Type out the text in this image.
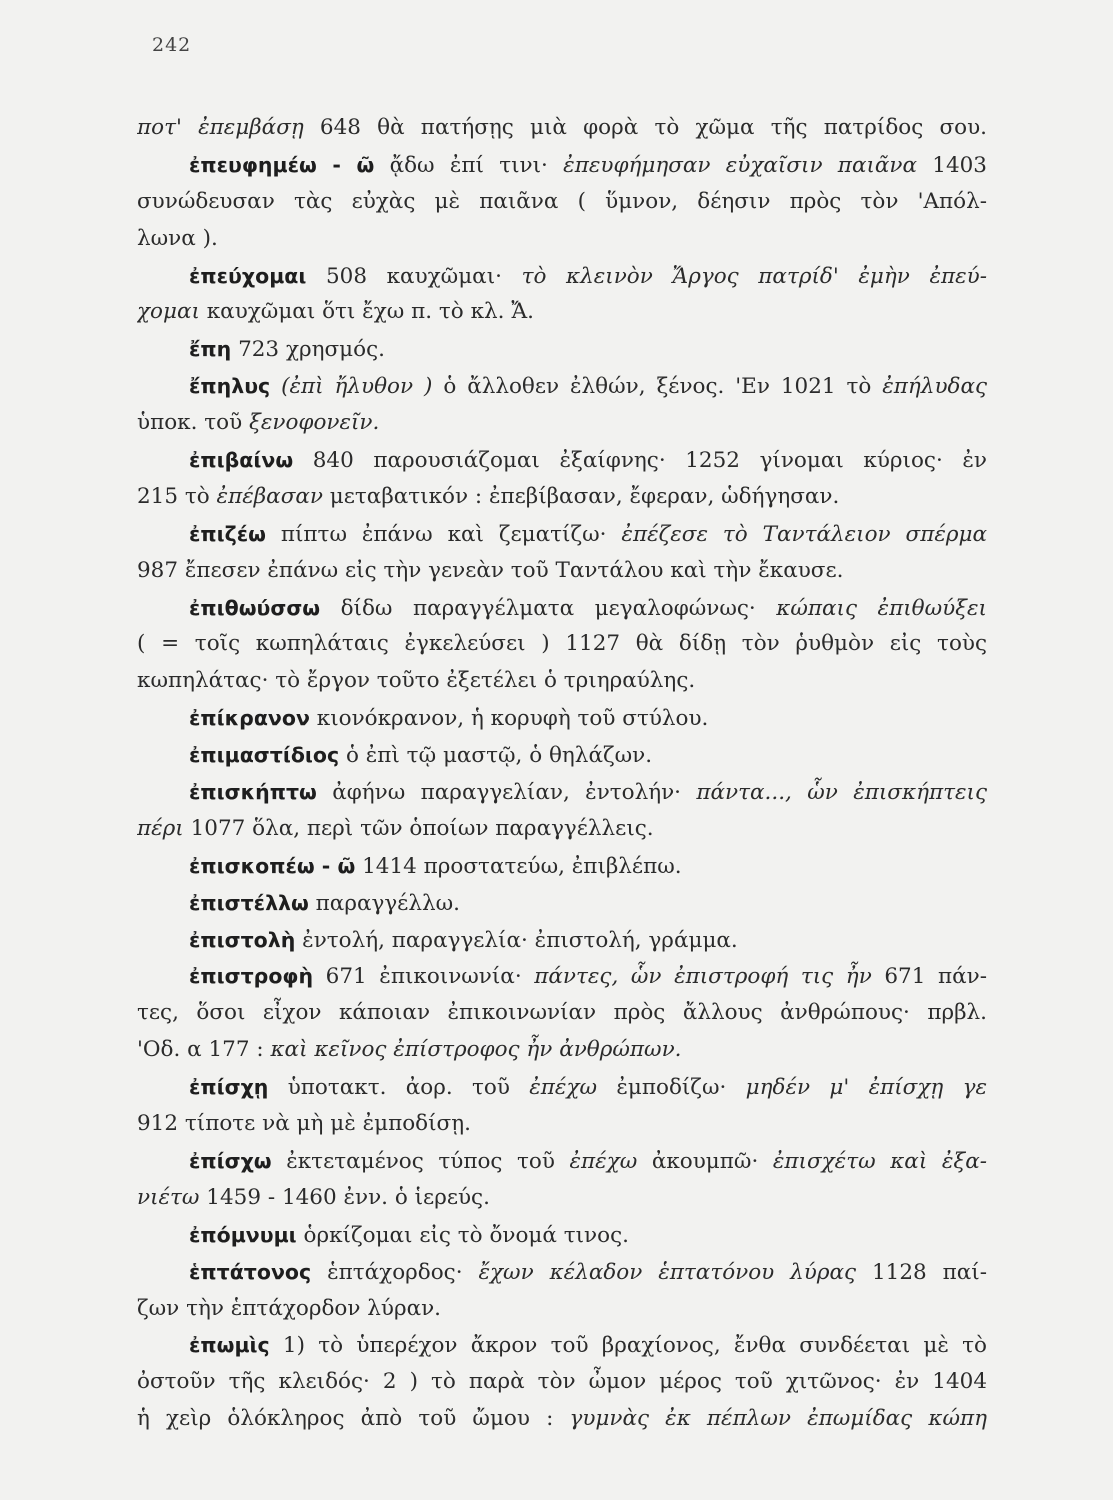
242
ποτ' ἐπεμβάσῃ 648 θὰ πατήσῃς μιὰ φορὰ τὸ χῶμα τῆς πατρίδος σου.
ἐπευφημέω - ῶ ᾄδω ἐπί τινι· ἐπευφήμησαν εὐχαῖσιν παιᾶνα 1403
συνώδευσαν τὰς εὐχὰς μὲ παιᾶνα ( ὕμνον, δέησιν πρὸς τὸν 'Απόλ-
λωνα ).
ἐπεύχομαι 508 καυχῶμαι· τὸ κλεινὸν Ἄργος πατρίδ' ἐμὴν ἐπεύ-
χομαι καυχῶμαι ὅτι ἔχω π. τὸ κλ. Ἄ.
ἔπη 723 χρησμός.
ἔπηλυς (ἐπὶ ἤλυθον ) ὁ ἄλλοθεν ἐλθών, ξένος. 'Εν 1021 τὸ ἐπήλυδας
ὑποκ. τοῦ ξενοφονεῖν.
ἐπιβαίνω 840 παρουσιάζομαι ἐξαίφνης· 1252 γίνομαι κύριος· ἐν
215 τὸ ἐπέβασαν μεταβατικόν : ἐπεβίβασαν, ἔφεραν, ὡδήγησαν.
ἐπιζέω πίπτω ἐπάνω καὶ ζεματίζω· ἐπέζεσε τὸ Ταντάλειον σπέρμα
987 ἔπεσεν ἐπάνω εἰς τὴν γενεὰν τοῦ Ταντάλου καὶ τὴν ἔκαυσε.
ἐπιθωύσσω δίδω παραγγέλματα μεγαλοφώνως· κώπαις ἐπιθωύξει
( = τοῖς κωπηλάταις ἐγκελεύσει ) 1127 θὰ δίδῃ τὸν ῥυθμὸν εἰς τοὺς
κωπηλάτας· τὸ ἔργον τοῦτο ἐξετέλει ὁ τριηραύλης.
ἐπίκρανον κιονόκρανον, ἡ κορυφὴ τοῦ στύλου.
ἐπιμαστίδιος ὁ ἐπὶ τῷ μαστῷ, ὁ θηλάζων.
ἐπισκήπτω ἀφήνω παραγγελίαν, ἐντολήν· πάντα..., ὧν ἐπισκήπτεις
πέρι 1077 ὅλα, περὶ τῶν ὁποίων παραγγέλλεις.
ἐπισκοπέω - ῶ 1414 προστατεύω, ἐπιβλέπω.
ἐπιστέλλω παραγγέλλω.
ἐπιστολὴ ἐντολή, παραγγελία· ἐπιστολή, γράμμα.
ἐπιστροφὴ 671 ἐπικοινωνία· πάντες, ὧν ἐπιστροφή τις ἦν 671 πάν-
τες, ὅσοι εἶχον κάποιαν ἐπικοινωνίαν πρὸς ἄλλους ἀνθρώπους· πρβλ.
'Οδ. α 177 : καὶ κεῖνος ἐπίστροφος ἦν ἀνθρώπων.
ἐπίσχῃ ὑποτακτ. ἀορ. τοῦ ἐπέχω ἐμποδίζω· μηδέν μ' ἐπίσχῃ γε
912 τίποτε νὰ μὴ μὲ ἐμποδίσῃ.
ἐπίσχω ἐκτεταμένος τύπος τοῦ ἐπέχω ἀκουμπῶ· ἐπισχέτω καὶ ἐξα-
νιέτω 1459 - 1460 ἐνν. ὁ ἱερεύς.
ἐπόμνυμι ὁρκίζομαι εἰς τὸ ὄνομά τινος.
ἑπτάτονος ἑπτάχορδος· ἔχων κέλαδον ἑπτατόνου λύρας 1128 παί-
ζων τὴν ἑπτάχορδον λύραν.
ἐπωμὶς 1) τὸ ὑπερέχον ἄκρον τοῦ βραχίονος, ἔνθα συνδέεται μὲ τὸ
ὀστοῦν τῆς κλειδός· 2 ) τὸ παρὰ τὸν ὦμον μέρος τοῦ χιτῶνος· ἐν 1404
ἡ χεὶρ ὁλόκληρος ἀπὸ τοῦ ὤμου : γυμνὰς ἐκ πέπλων ἐπωμίδας κώπη
